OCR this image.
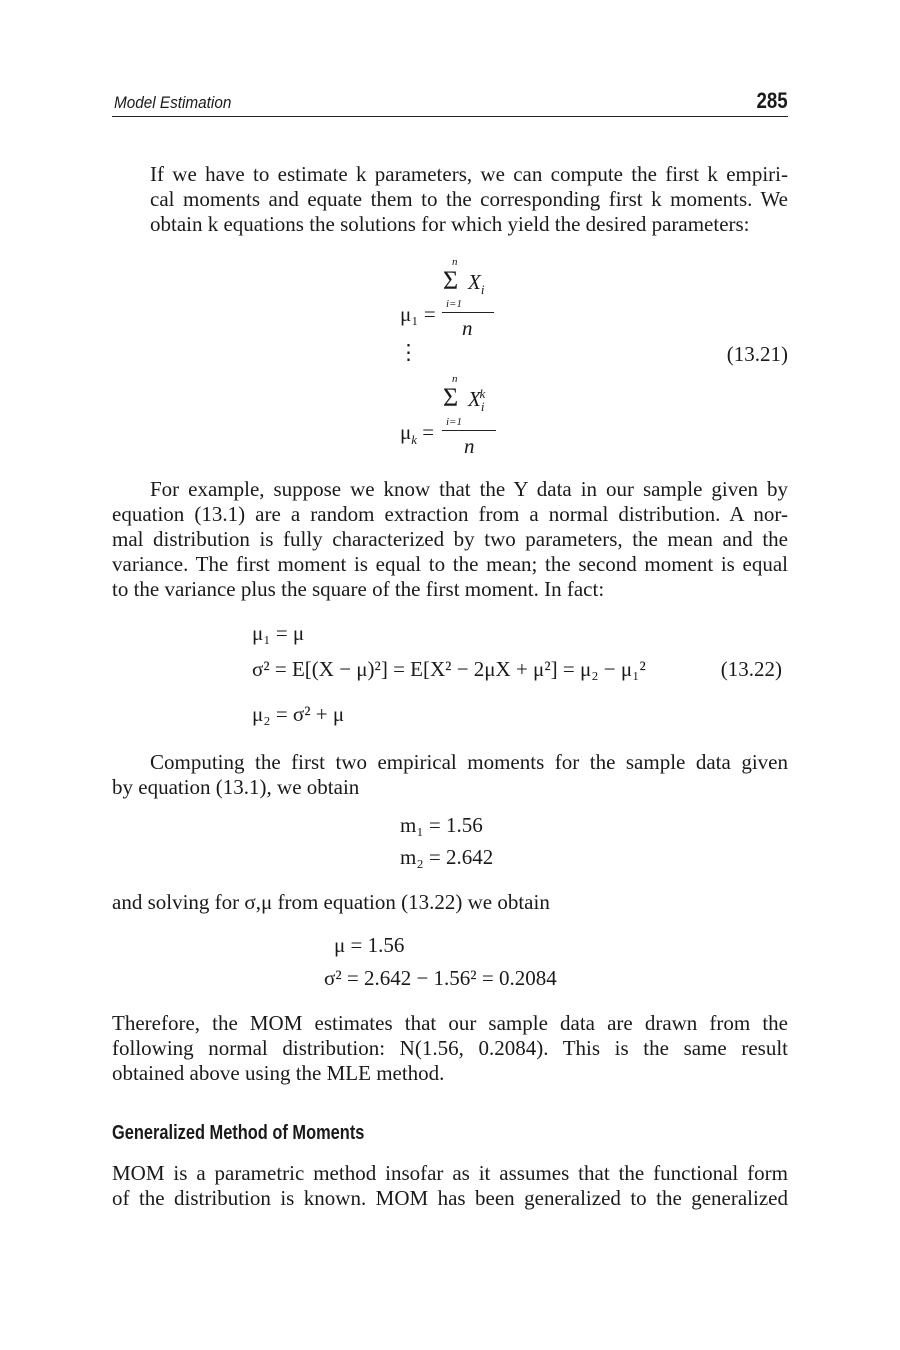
Model Estimation	285
If we have to estimate k parameters, we can compute the first k empiri-
cal moments and equate them to the corresponding first k moments. We
obtain k equations the solutions for which yield the desired parameters:
n
Σ $X_i$
i=1
μ₁ =
n
⋮	(13.21)
n
Σ $X_i^k$
i=1
$\mu_k$ =
n
For example, suppose we know that the Y data in our sample given by
equation (13.1) are a random extraction from a normal distribution. A nor-
mal distribution is fully characterized by two parameters, the mean and the
variance. The first moment is equal to the mean; the second moment is equal
to the variance plus the square of the first moment. In fact:
μ₁ = μ
σ² = E[(X − μ)²] = E[X² − 2μX + μ²] = μ₂ − μ₁²	(13.22)
μ₂ = σ² + μ
Computing the first two empirical moments for the sample data given
by equation (13.1), we obtain
m₁ = 1.56
m₂ = 2.642
and solving for σ,μ from equation (13.22) we obtain
μ = 1.56
σ² = 2.642 − 1.56² = 0.2084
Therefore, the MOM estimates that our sample data are drawn from the
following normal distribution: N(1.56, 0.2084). This is the same result
obtained above using the MLE method.
Generalized Method of Moments
MOM is a parametric method insofar as it assumes that the functional form
of the distribution is known. MOM has been generalized to the generalized
